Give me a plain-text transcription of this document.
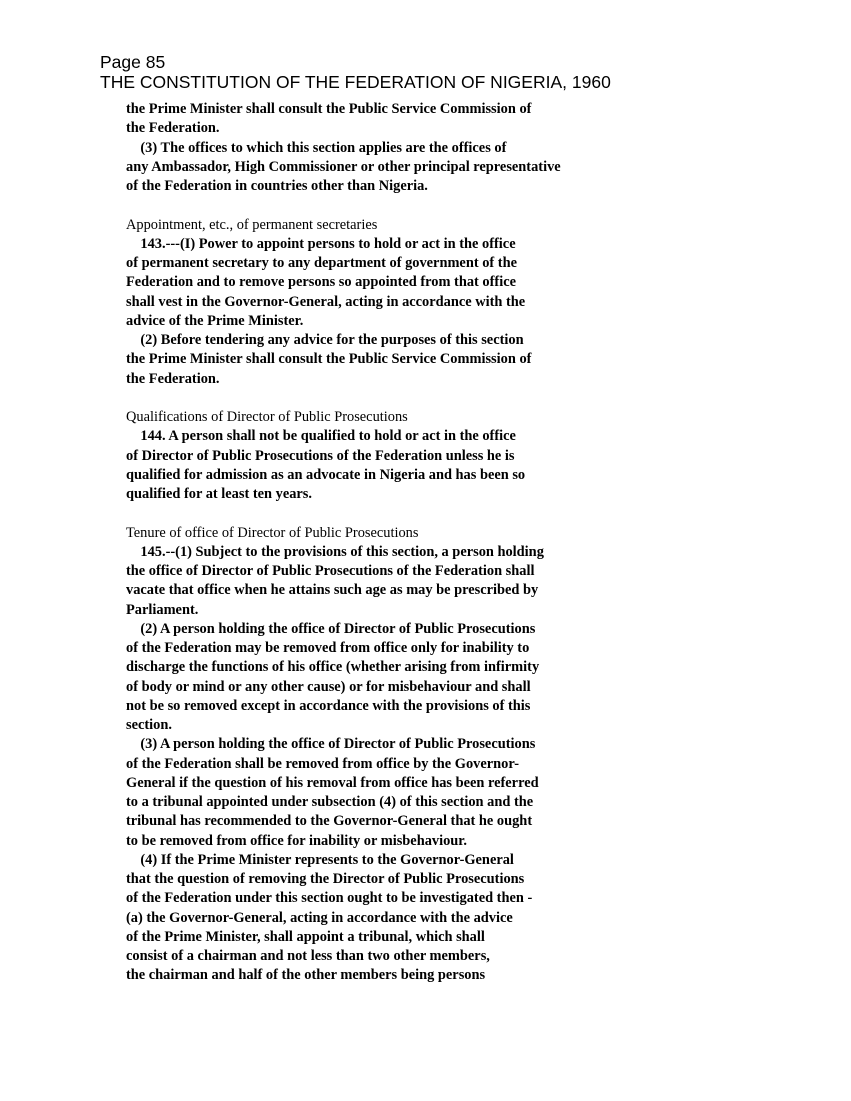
Page 85
THE CONSTITUTION OF THE FEDERATION OF NIGERIA, 1960
the Prime Minister shall consult the Public Service Commission of
the Federation.
(3) The offices to which this section applies are the offices of
any Ambassador, High Commissioner or other principal representative
of the Federation in countries other than Nigeria.
Appointment, etc., of permanent secretaries
143.---(I) Power to appoint persons to hold or act in the office
of permanent secretary to any department of government of the
Federation and to remove persons so appointed from that office
shall vest in the Governor-General, acting in accordance with the
advice of the Prime Minister.
(2) Before tendering any advice for the purposes of this section
the Prime Minister shall consult the Public Service Commission of
the Federation.
Qualifications of Director of Public Prosecutions
144. A person shall not be qualified to hold or act in the office
of Director of Public Prosecutions of the Federation unless he is
qualified for admission as an advocate in Nigeria and has been so
qualified for at least ten years.
Tenure of office of Director of Public Prosecutions
145.--(1) Subject to the provisions of this section, a person holding
the office of Director of Public Prosecutions of the Federation shall
vacate that office when he attains such age as may be prescribed by
Parliament.
(2) A person holding the office of Director of Public Prosecutions
of the Federation may be removed from office only for inability to
discharge the functions of his office (whether arising from infirmity
of body or mind or any other cause) or for misbehaviour and shall
not be so removed except in accordance with the provisions of this
section.
(3) A person holding the office of Director of Public Prosecutions
of the Federation shall be removed from office by the Governor-
General if the question of his removal from office has been referred
to a tribunal appointed under subsection (4) of this section and the
tribunal has recommended to the Governor-General that he ought
to be removed from office for inability or misbehaviour.
(4) If the Prime Minister represents to the Governor-General
that the question of removing the Director of Public Prosecutions
of the Federation under this section ought to be investigated then -
(a) the Governor-General, acting in accordance with the advice
of the Prime Minister, shall appoint a tribunal, which shall
consist of a chairman and not less than two other members,
the chairman and half of the other members being persons
